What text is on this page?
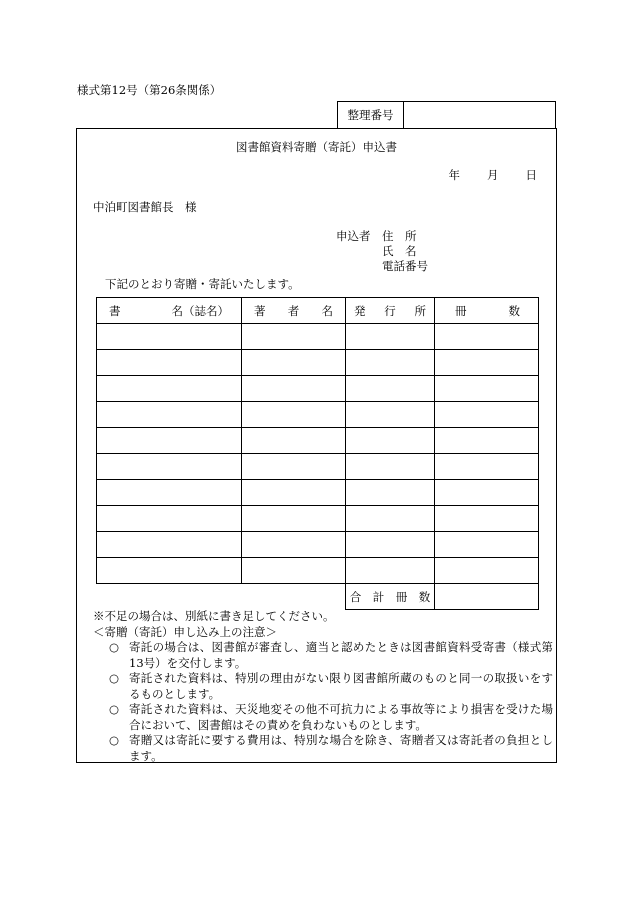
様式第12号（第26条関係）
整理番号
図書館資料寄贈（寄託）申込書
年 月 日
中泊町図書館長　様
申込者	住　所
氏　名
電話番号
下記のとおり寄贈・寄託いたします。
書 名（誌名）	著 者 名	発 行 所	冊 数

		合　計　冊　数	
※不足の場合は、別紙に書き足してください。
＜寄贈（寄託）申し込み上の注意＞
○ 寄託の場合は、図書館が審査し、適当と認めたときは図書館資料受寄書（様式第13号）を交付します。
○ 寄託された資料は、特別の理由がない限り図書館所蔵のものと同一の取扱いをするものとします。
○ 寄託された資料は、天災地変その他不可抗力による事故等により損害を受けた場合において、図書館はその責めを負わないものとします。
○ 寄贈又は寄託に要する費用は、特別な場合を除き、寄贈者又は寄託者の負担とします。
